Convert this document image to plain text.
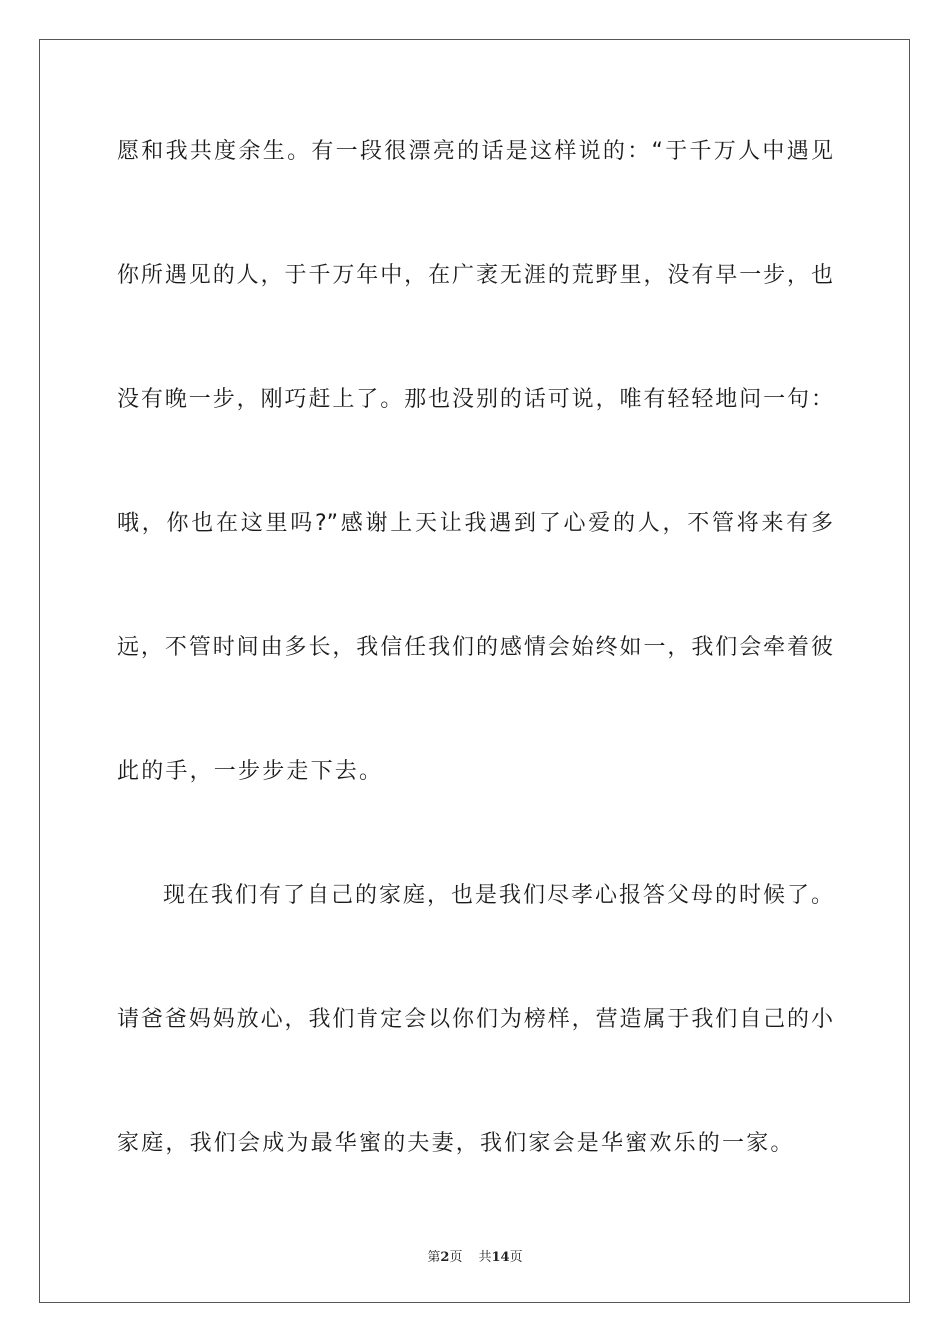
愿和我共度余生。有一段很漂亮的话是这样说的：“于千万人中遇见
你所遇见的人，于千万年中，在广袤无涯的荒野里，没有早一步，也
没有晚一步，刚巧赶上了。那也没别的话可说，唯有轻轻地问一句：
哦，你也在这里吗?”感谢上天让我遇到了心爱的人，不管将来有多
远，不管时间由多长，我信任我们的感情会始终如一，我们会牵着彼
此的手，一步步走下去。
现在我们有了自己的家庭，也是我们尽孝心报答父母的时候了。
请爸爸妈妈放心，我们肯定会以你们为榜样，营造属于我们自己的小
家庭，我们会成为最华蜜的夫妻，我们家会是华蜜欢乐的一家。
第2页 共14页
